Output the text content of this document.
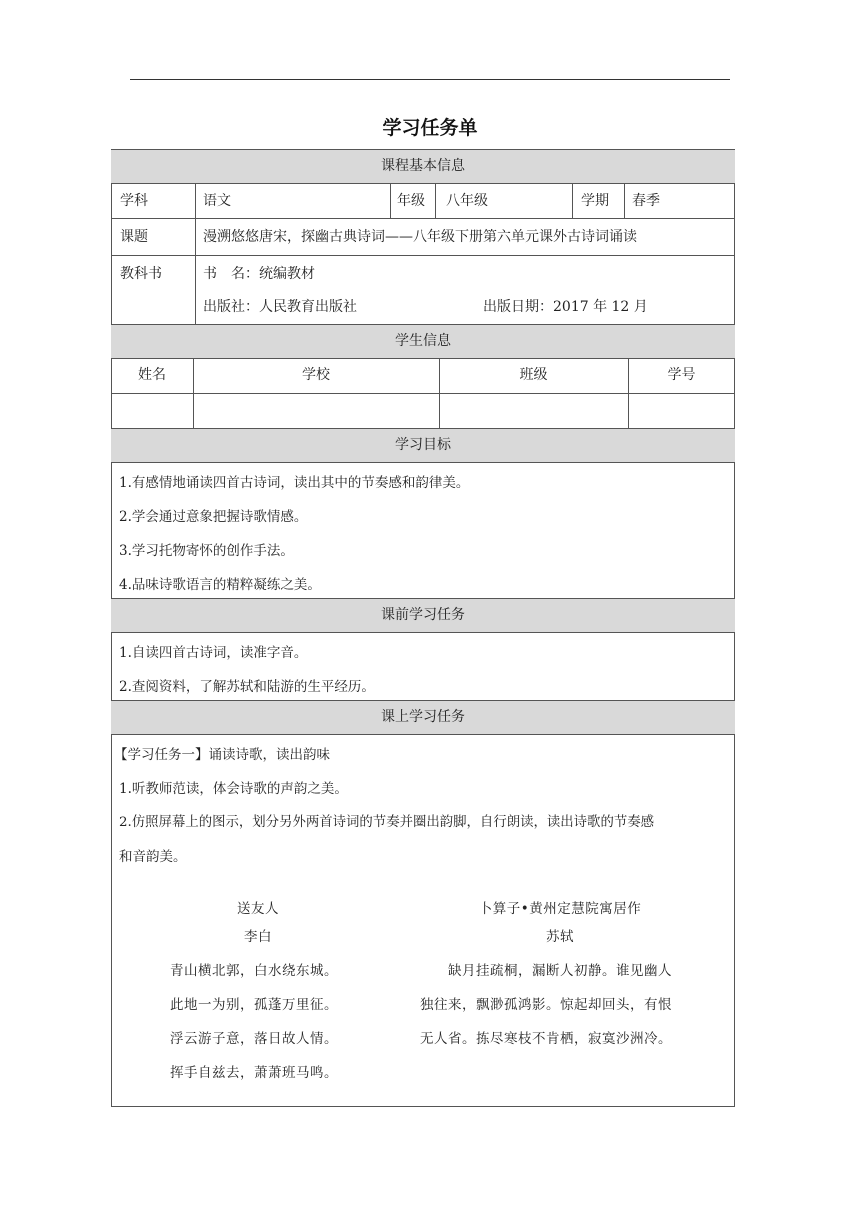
学习任务单
课程基本信息
学科	语文	年级 八年级	学期 春季
课题	漫溯悠悠唐宋，探幽古典诗词——八年级下册第六单元课外古诗词诵读
教科书	书　名：统编教材
出版社：人民教育出版社	出版日期：2017 年 12 月
学生信息
姓名	学校	班级	学号
学习目标
1.有感情地诵读四首古诗词，读出其中的节奏感和韵律美。
2.学会通过意象把握诗歌情感。
3.学习托物寄怀的创作手法。
4.品味诗歌语言的精粹凝练之美。
课前学习任务
1.自读四首古诗词，读准字音。
2.查阅资料，了解苏轼和陆游的生平经历。
课上学习任务
【学习任务一】诵读诗歌，读出韵味
1.听教师范读，体会诗歌的声韵之美。
2.仿照屏幕上的图示，划分另外两首诗词的节奏并圈出韵脚，自行朗读，读出诗歌的节奏感
和音韵美。
送友人
李白
青山横北郭，白水绕东城。
此地一为别，孤蓬万里征。
浮云游子意，落日故人情。
挥手自兹去，萧萧班马鸣。
卜算子•黄州定慧院寓居作
苏轼
缺月挂疏桐，漏断人初静。谁见幽人
独往来，飘渺孤鸿影。惊起却回头，有恨
无人省。拣尽寒枝不肯栖，寂寞沙洲冷。
